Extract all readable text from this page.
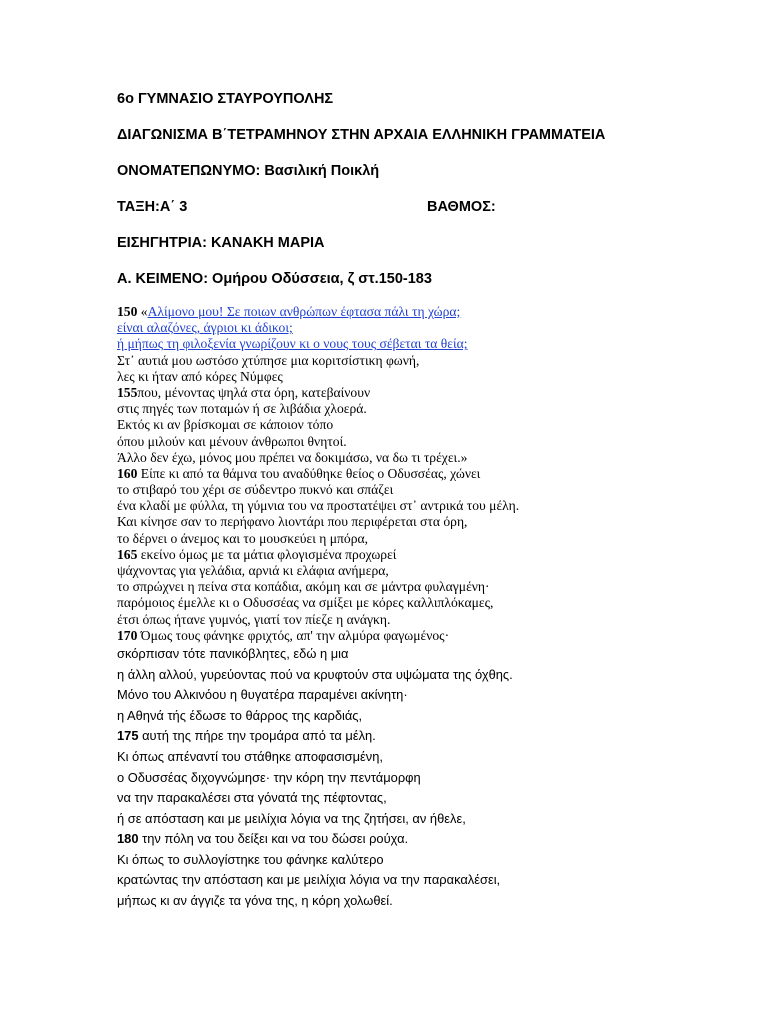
6ο ΓΥΜΝΑΣΙΟ ΣΤΑΥΡΟΥΠΟΛΗΣ
ΔΙΑΓΩΝΙΣΜΑ Β΄ΤΕΤΡΑΜΗΝΟΥ ΣΤΗΝ ΑΡΧΑΙΑ ΕΛΛΗΝΙΚΗ ΓΡΑΜΜΑΤΕΙΑ
ΟΝΟΜΑΤΕΠΩΝΥΜΟ: Βασιλική Ποικλή
ΤΑΞΗ:Α΄ 3	ΒΑΘΜΟΣ:
ΕΙΣΗΓΗΤΡΙΑ: ΚΑΝΑΚΗ ΜΑΡΙΑ
Α. ΚΕΙΜΕΝΟ: Ομήρου Οδύσσεια, ζ στ.150-183
150 «Αλίμονο μου! Σε ποιων ανθρώπων έφτασα πάλι τη χώρα;
είναι αλαζόνες, άγριοι κι άδικοι;
ή μήπως τη φιλοξενία γνωρίζουν κι ο νους τους σέβεται τα θεία;
Στ᾽ αυτιά μου ωστόσο χτύπησε μια κοριτσίστικη φωνή,
λες κι ήταν από κόρες Νύμφες
155που, μένοντας ψηλά στα όρη, κατεβαίνουν
στις πηγές των ποταμών ή σε λιβάδια χλοερά.
Εκτός κι αν βρίσκομαι σε κάποιον τόπο
όπου μιλούν και μένουν άνθρωποι θνητοί.
Άλλο δεν έχω, μόνος μου πρέπει να δοκιμάσω, να δω τι τρέχει.»
160 Είπε κι από τα θάμνα του αναδύθηκε θείος ο Οδυσσέας, χώνει
το στιβαρό του χέρι σε σύδεντρο πυκνό και σπάζει
ένα κλαδί με φύλλα, τη γύμνια του να προστατέψει στ᾽ αντρικά του μέλη.
Και κίνησε σαν το περήφανο λιοντάρι που περιφέρεται στα όρη,
το δέρνει ο άνεμος και το μουσκεύει η μπόρα,
165 εκείνο όμως με τα μάτια φλογισμένα προχωρεί
ψάχνοντας για γελάδια, αρνιά κι ελάφια ανήμερα,
το σπρώχνει η πείνα στα κοπάδια, ακόμη και σε μάντρα φυλαγμένη·
παρόμοιος έμελλε κι ο Οδυσσέας να σμίξει με κόρες καλλιπλόκαμες,
έτσι όπως ήτανε γυμνός, γιατί τον πίεζε η ανάγκη.
170 Όμως τους φάνηκε φριχτός, απ' την αλμύρα φαγωμένος·
σκόρπισαν τότε πανικόβλητες, εδώ η μια
η άλλη αλλού, γυρεύοντας πού να κρυφτούν στα υψώματα της όχθης.
Μόνο του Αλκινόου η θυγατέρα παραμένει ακίνητη·
η Αθηνά τής έδωσε το θάρρος της καρδιάς,
175 αυτή της πήρε την τρομάρα από τα μέλη.
Κι όπως απέναντί του στάθηκε αποφασισμένη,
ο Οδυσσέας διχογνώμησε· την κόρη την πεντάμορφη
να την παρακαλέσει στα γόνατά της πέφτοντας,
ή σε απόσταση και με μειλίχια λόγια να της ζητήσει, αν ήθελε,
180 την πόλη να του δείξει και να του δώσει ρούχα.
Κι όπως το συλλογίστηκε του φάνηκε καλύτερο
κρατώντας την απόσταση και με μειλίχια λόγια να την παρακαλέσει,
μήπως κι αν άγγιζε τα γόνα της, η κόρη χολωθεί.
